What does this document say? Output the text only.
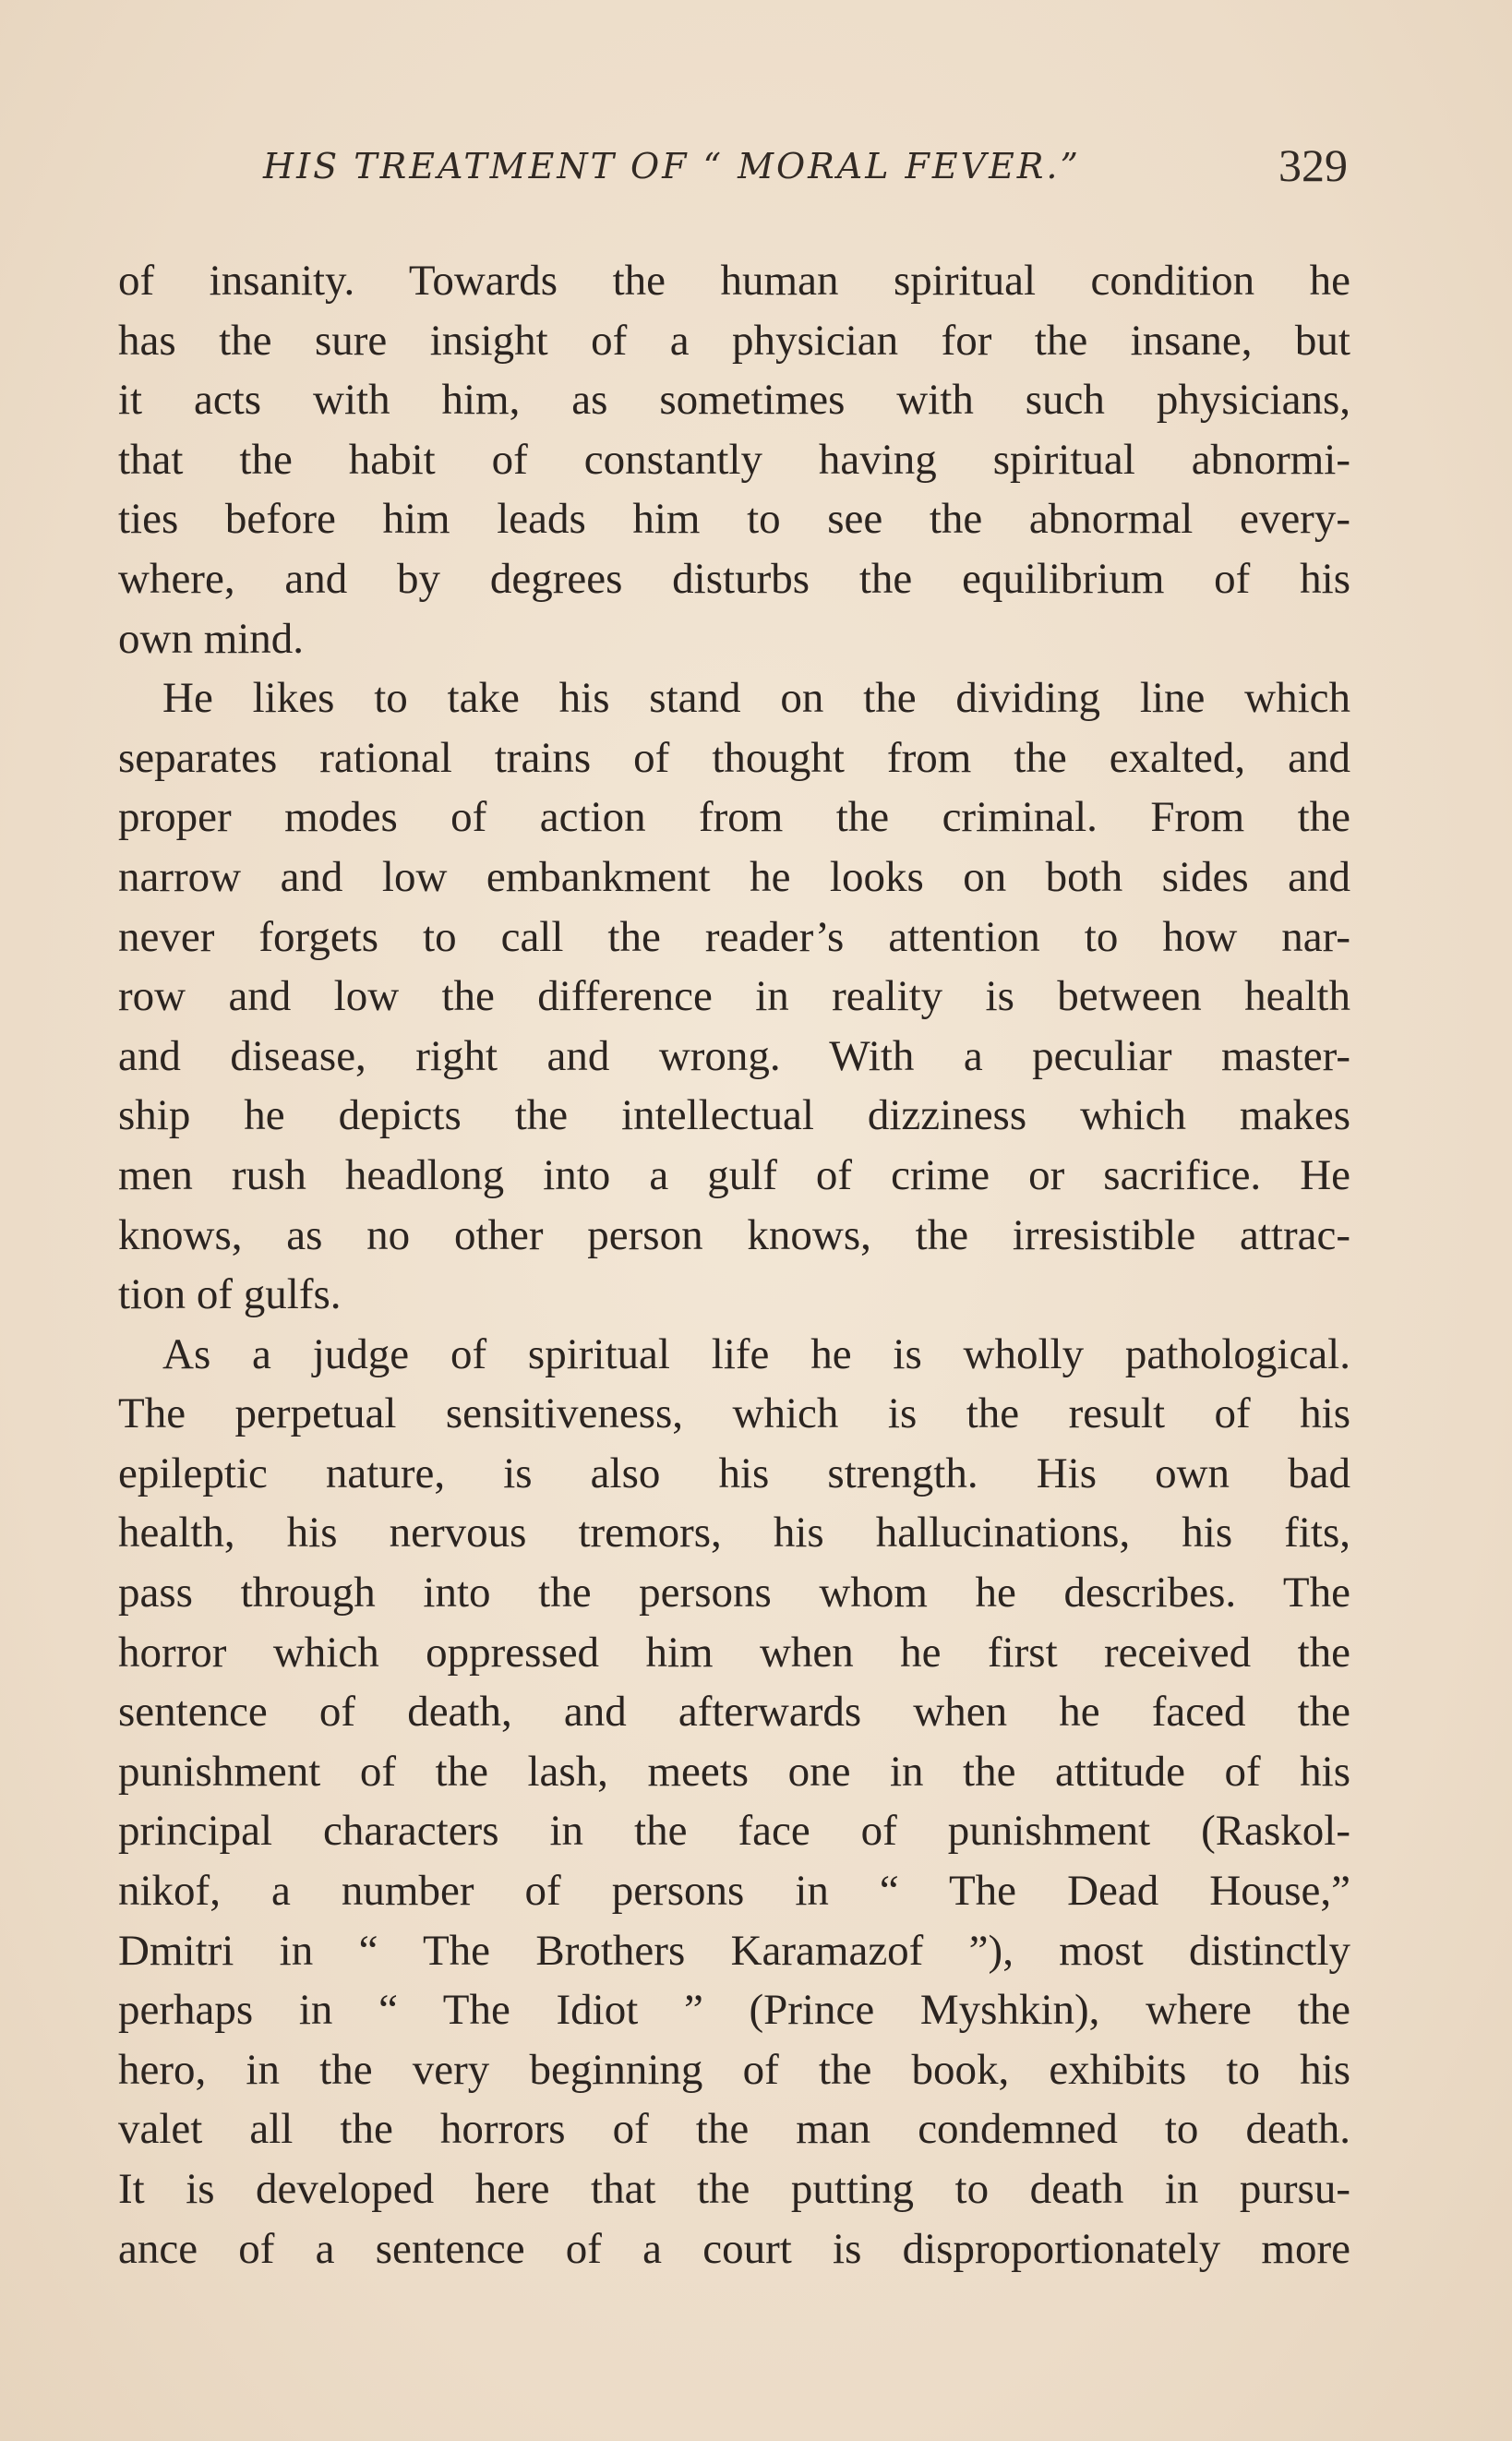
HIS TREATMENT OF “ MORAL FEVER.”	329
of insanity. Towards the human spiritual condition he
has the sure insight of a physician for the insane, but
it acts with him, as sometimes with such physicians,
that the habit of constantly having spiritual abnormi-
ties before him leads him to see the abnormal every-
where, and by degrees disturbs the equilibrium of his
own mind.
He likes to take his stand on the dividing line which
separates rational trains of thought from the exalted, and
proper modes of action from the criminal. From the
narrow and low embankment he looks on both sides and
never forgets to call the reader’s attention to how nar-
row and low the difference in reality is between health
and disease, right and wrong. With a peculiar master-
ship he depicts the intellectual dizziness which makes
men rush headlong into a gulf of crime or sacrifice. He
knows, as no other person knows, the irresistible attrac-
tion of gulfs.
As a judge of spiritual life he is wholly pathological.
The perpetual sensitiveness, which is the result of his
epileptic nature, is also his strength. His own bad
health, his nervous tremors, his hallucinations, his fits,
pass through into the persons whom he describes. The
horror which oppressed him when he first received the
sentence of death, and afterwards when he faced the
punishment of the lash, meets one in the attitude of his
principal characters in the face of punishment (Raskol-
nikof, a number of persons in “ The Dead House,”
Dmitri in “ The Brothers Karamazof ”), most distinctly
perhaps in “ The Idiot ” (Prince Myshkin), where the
hero, in the very beginning of the book, exhibits to his
valet all the horrors of the man condemned to death.
It is developed here that the putting to death in pursu-
ance of a sentence of a court is disproportionately more
